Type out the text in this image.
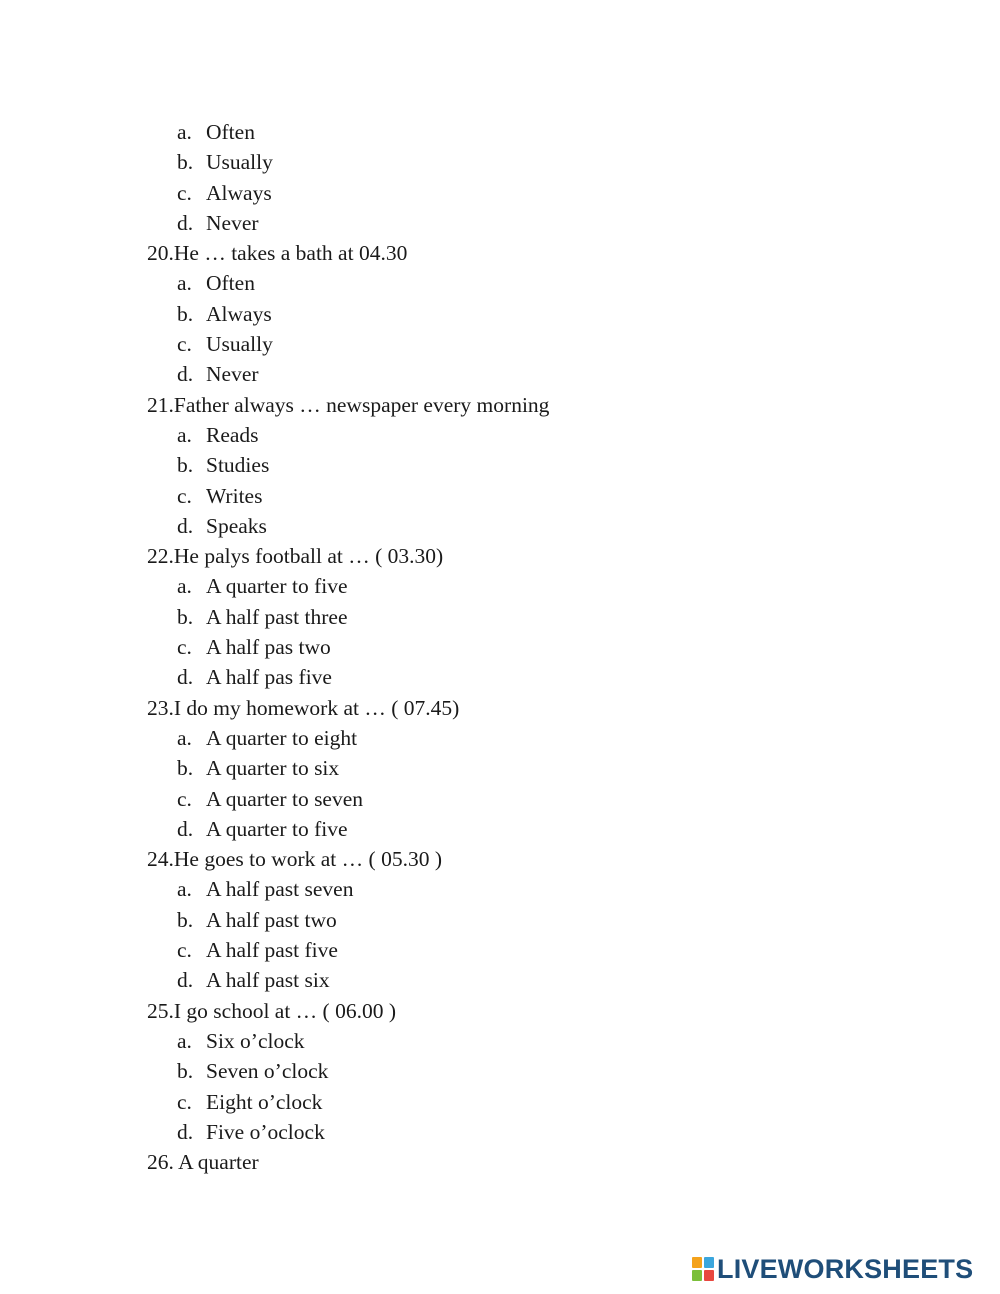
a. Often
b. Usually
c. Always
d. Never
20.He … takes a bath at 04.30
a. Often
b. Always
c. Usually
d. Never
21.Father always … newspaper every morning
a. Reads
b. Studies
c. Writes
d. Speaks
22.He palys football at … ( 03.30)
a. A quarter to five
b. A half past three
c. A half pas two
d. A half pas five
23.I do my homework at … ( 07.45)
a. A quarter to eight
b. A quarter to six
c. A quarter to seven
d. A quarter to five
24.He goes to work at … ( 05.30 )
a. A half past seven
b. A half past two
c. A half past five
d. A half past six
25.I go school at … ( 06.00 )
a. Six o’clock
b. Seven o’clock
c. Eight o’clock
d. Five o’oclock
26. A quarter
LIVEWORKSHEETS
